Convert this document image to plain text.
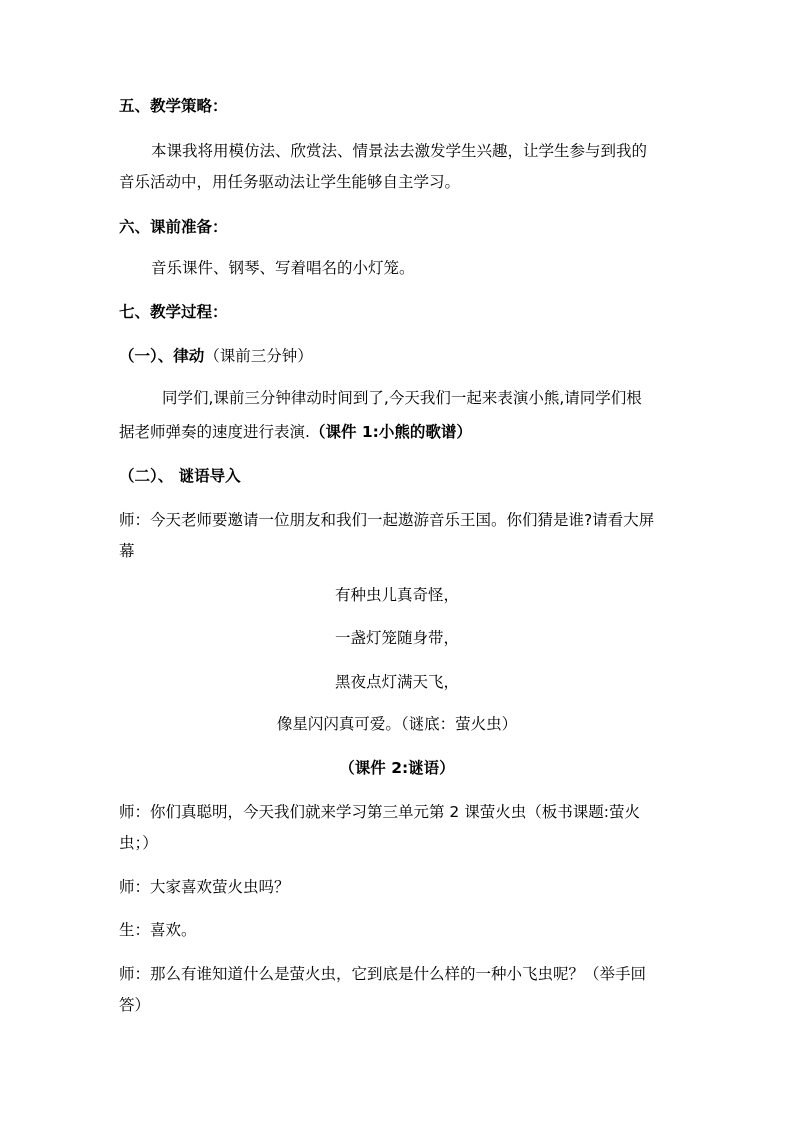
五、教学策略：
本课我将用模仿法、欣赏法、情景法去激发学生兴趣，让学生参与到我的
音乐活动中，用任务驱动法让学生能够自主学习。
六、课前准备：
音乐课件、钢琴、写着唱名的小灯笼。
七、教学过程：
（一）、律动（课前三分钟）
同学们,课前三分钟律动时间到了,今天我们一起来表演小熊,请同学们根
据老师弹奏的速度进行表演.（课件 1:小熊的歌谱）
（二）、 谜语导入
师：今天老师要邀请一位朋友和我们一起遨游音乐王国。你们猜是谁?请看大屏
幕
有种虫儿真奇怪，
一盏灯笼随身带，
黑夜点灯满天飞，
像星闪闪真可爱。（谜底：萤火虫）
（课件 2:谜语）
师：你们真聪明，今天我们就来学习第三单元第 2 课萤火虫（板书课题:萤火
虫；）
师：大家喜欢萤火虫吗？
生：喜欢。
师：那么有谁知道什么是萤火虫，它到底是什么样的一种小飞虫呢？（举手回
答）
